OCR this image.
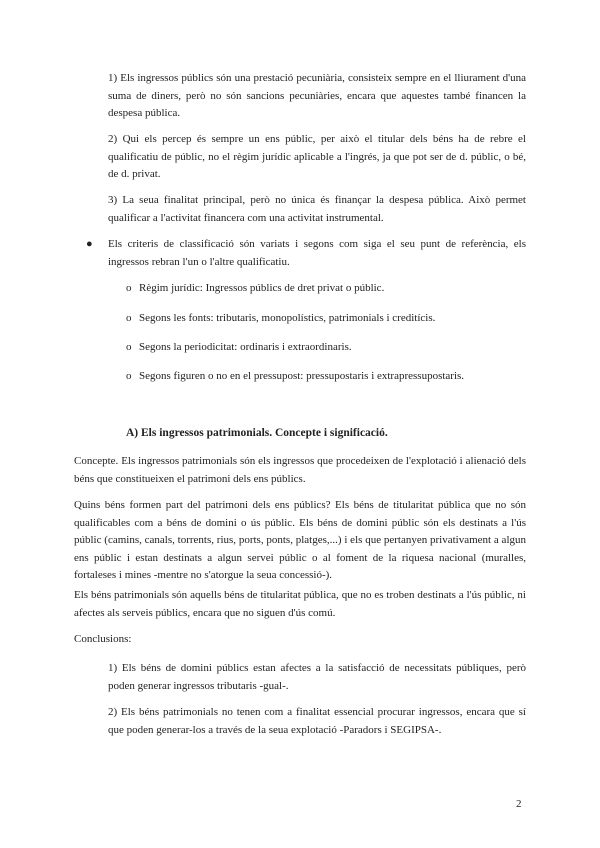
1) Els ingressos públics són una prestació pecuniària, consisteix sempre en el lliurament d'una suma de diners, però no són sancions pecuniàries, encara que aquestes també financen la despesa pública.

2) Qui els percep és sempre un ens públic, per això el titular dels béns ha de rebre el qualificatiu de públic, no el règim jurídic aplicable a l'ingrés, ja que pot ser de d. públic, o bé, de d. privat.

3) La seua finalitat principal, però no única és finançar la despesa pública. Això permet qualificar a l'activitat financera com una activitat instrumental.

●	Els criteris de classificació són variats i segons com siga el seu punt de referència, els ingressos rebran l'un o l'altre qualificatiu.

o Règim jurídic: Ingressos públics de dret privat o públic.
o Segons les fonts: tributaris, monopolístics, patrimonials i creditícis.
o Segons la periodicitat: ordinaris i extraordinaris.
o Segons figuren o no en el pressupost: pressupostaris i extrapressupostaris.
A) Els ingressos patrimonials. Concepte i significació.

Concepte. Els ingressos patrimonials són els ingressos que procedeixen de l'explotació i alienació dels béns que constitueixen el patrimoni dels ens públics.

Quins béns formen part del patrimoni dels ens públics? Els béns de titularitat pública que no són qualificables com a béns de domini o ús públic. Els béns de domini públic són els destinats a l'ús públic (camins, canals, torrents, rius, ports, ponts, platges,...) i els que pertanyen privativament a algun ens públic i estan destinats a algun servei públic o al foment de la riquesa nacional (muralles, fortaleses i mines -mentre no s'atorgue la seua concessió-).

Els béns patrimonials són aquells béns de titularitat pública, que no es troben destinats a l'ús públic, ni afectes als serveis públics, encara que no siguen d'ús comú.

Conclusions:

1) Els béns de domini públics estan afectes a la satisfacció de necessitats públiques, però poden generar ingressos tributaris -gual-.

2) Els béns patrimonials no tenen com a finalitat essencial procurar ingressos, encara que sí que poden generar-los a través de la seua explotació -Paradors i SEGIPSA-.

2
